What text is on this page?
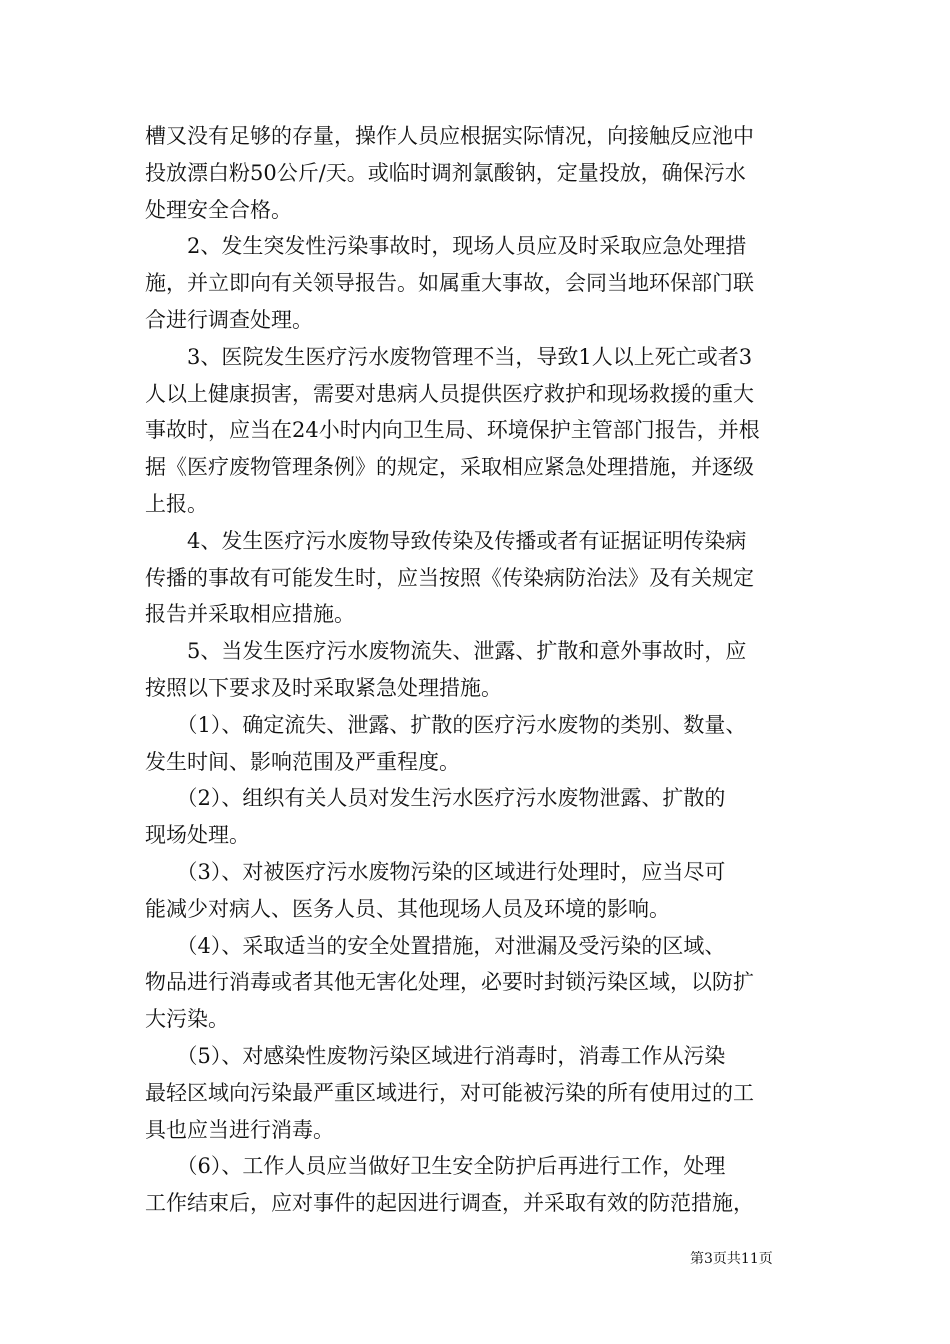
槽又没有足够的存量，操作人员应根据实际情况，向接触反应池中
投放漂白粉50公斤/天。或临时调剂氯酸钠，定量投放，确保污水
处理安全合格。
　　2、发生突发性污染事故时，现场人员应及时采取应急处理措
施，并立即向有关领导报告。如属重大事故，会同当地环保部门联
合进行调查处理。
　　3、医院发生医疗污水废物管理不当，导致1人以上死亡或者3
人以上健康损害，需要对患病人员提供医疗救护和现场救援的重大
事故时，应当在24小时内向卫生局、环境保护主管部门报告，并根
据《医疗废物管理条例》的规定，采取相应紧急处理措施，并逐级
上报。
　　4、发生医疗污水废物导致传染及传播或者有证据证明传染病
传播的事故有可能发生时，应当按照《传染病防治法》及有关规定
报告并采取相应措施。
　　5、当发生医疗污水废物流失、泄露、扩散和意外事故时，应
按照以下要求及时采取紧急处理措施。
　　（1）、确定流失、泄露、扩散的医疗污水废物的类别、数量、
发生时间、影响范围及严重程度。
　　（2）、组织有关人员对发生污水医疗污水废物泄露、扩散的
现场处理。
　　（3）、对被医疗污水废物污染的区域进行处理时，应当尽可
能减少对病人、医务人员、其他现场人员及环境的影响。
　　（4）、采取适当的安全处置措施，对泄漏及受污染的区域、
物品进行消毒或者其他无害化处理，必要时封锁污染区域，以防扩
大污染。
　　（5）、对感染性废物污染区域进行消毒时，消毒工作从污染
最轻区域向污染最严重区域进行，对可能被污染的所有使用过的工
具也应当进行消毒。
　　（6）、工作人员应当做好卫生安全防护后再进行工作，处理
工作结束后，应对事件的起因进行调查，并采取有效的防范措施，
第3页共11页
